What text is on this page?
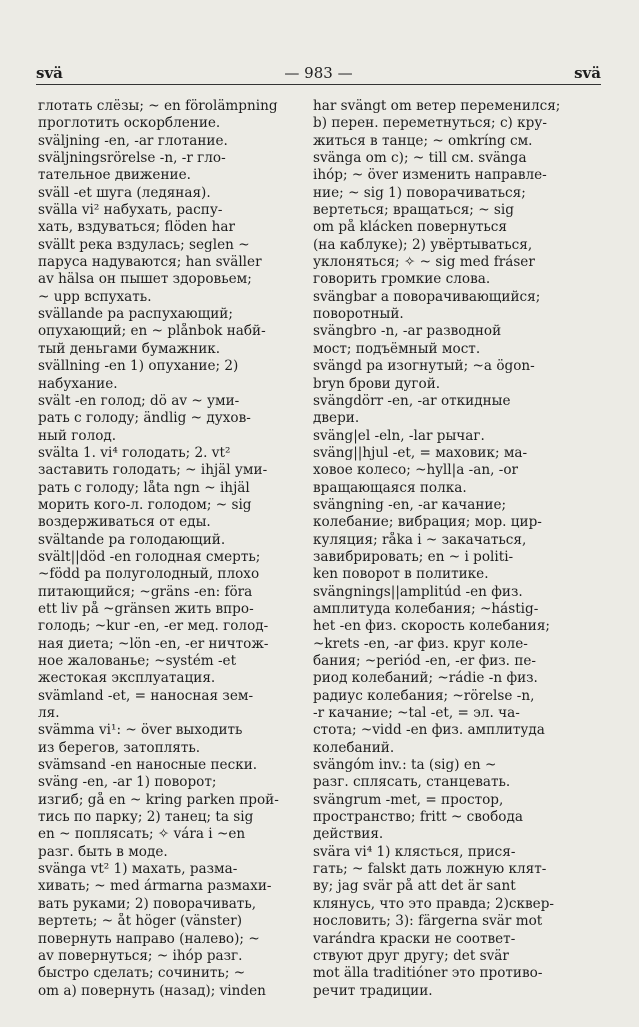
svä	— 983 —	svä
глотать слёзы; ~ en förolämpning
проглотить оскорбление.
sväljning -en, -ar глотание.
sväljningsrörelse -n, -r гло-
тательное движение.
sväll -et шуга (ледяная).
svälla vi² набухать, распу-
хать, вздуваться; flöden har
svällt река вздулась; seglen ~
паруса надуваются; han sväller
av hälsa он пышет здоровьем;
~ upp вспухать.
svällande pa распухающий;
опухающий; en ~ plånbok набй-
тый деньгами бумажник.
svällning -en 1) опухание; 2)
набухание.
svält -en голод; dö av ~ уми-
рать с голоду; ändlig ~ духов-
ный голод.
svälta 1. vi⁴ голодать; 2. vt²
заставить голодать; ~ ihjäl уми-
рать с голоду; låta ngn ~ ihjäl
морить кого-л. голодом; ~ sig
воздерживаться от еды.
svältande pa голодающий.
svält||död -en голодная смерть;
~född pa полуголодный, плохо
питающийся; ~gräns -en: föra
ett liv på ~gränsen жить впро-
голодь; ~kur -en, -er мед. голод-
ная диета; ~lön -en, -er ничтож-
ное жалованье; ~systém -et
жестокая эксплуатация.
svämland -et, = наносная зем-
ля.
svämma vi¹: ~ över выходить
из берегов, затоплять.
svämsand -en наносные пески.
sväng -en, -ar 1) поворот;
изгиб; gå en ~ kring parken прой-
тись по парку; 2) танец; ta sig
en ~ поплясать; ✧ vára i ~en
разг. быть в моде.
svänga vt² 1) махать, разма-
хивать; ~ med ármarna размахи-
вать руками; 2) поворачивать,
вертеть; ~ åt höger (vänster)
повернуть направо (налево); ~
av повернуться; ~ ihóp разг.
быстро сделать; сочинить; ~
om а) повернуть (назад); vinden
har svängt om ветер переменился;
b) перен. переметнуться; c) кру-
житься в танце; ~ omkríng см.
svänga om c); ~ till см. svänga
ihóp; ~ över изменить направле-
ние; ~ sig 1) поворачиваться;
вертеться; вращаться; ~ sig
om på klácken повернуться
(на каблуке); 2) увёртываться,
уклоняться; ✧ ~ sig med fráser
говорить громкие слова.
svängbar a поворачивающийся;
поворотный.
svängbro -n, -ar разводной
мост; подъёмный мост.
svängd pa изогнутый; ~a ögon-
bryn брови дугой.
svängdörr -en, -ar откидные
двери.
sväng|el -eln, -lar рычаг.
sväng||hjul -et, = маховик; ма-
ховое колесо; ~hyll|a -an, -or
вращающаяся полка.
svängning -en, -ar качание;
колебание; вибрация; мор. цир-
куляция; råka i ~ закачаться,
завибрировать; en ~ i politi-
ken поворот в политике.
svängnings||amplitúd -en физ.
амплитуда колебания; ~hástig-
het -en физ. скорость колебания;
~krets -en, -ar физ. круг коле-
бания; ~periód -en, -er физ. пе-
риод колебаний; ~rádie -n физ.
радиус колебания; ~rörelse -n,
-r качание; ~tal -et, = эл. ча-
стота; ~vidd -en физ. амплитуда
колебаний.
svängóm inv.: ta (sig) en ~
разг. сплясать, станцевать.
svängrum -met, = простор,
пространство; fritt ~ свобода
действия.
svära vi⁴ 1) клясться, прися-
гать; ~ falskt дать ложную клят-
ву; jag svär på att det är sant
клянусь, что это правда; 2)сквер-
нословить; 3): färgerna svär mot
varándra краски не соответ-
ствуют друг другу; det svär
mot älla traditióner это противо-
речит традиции.
